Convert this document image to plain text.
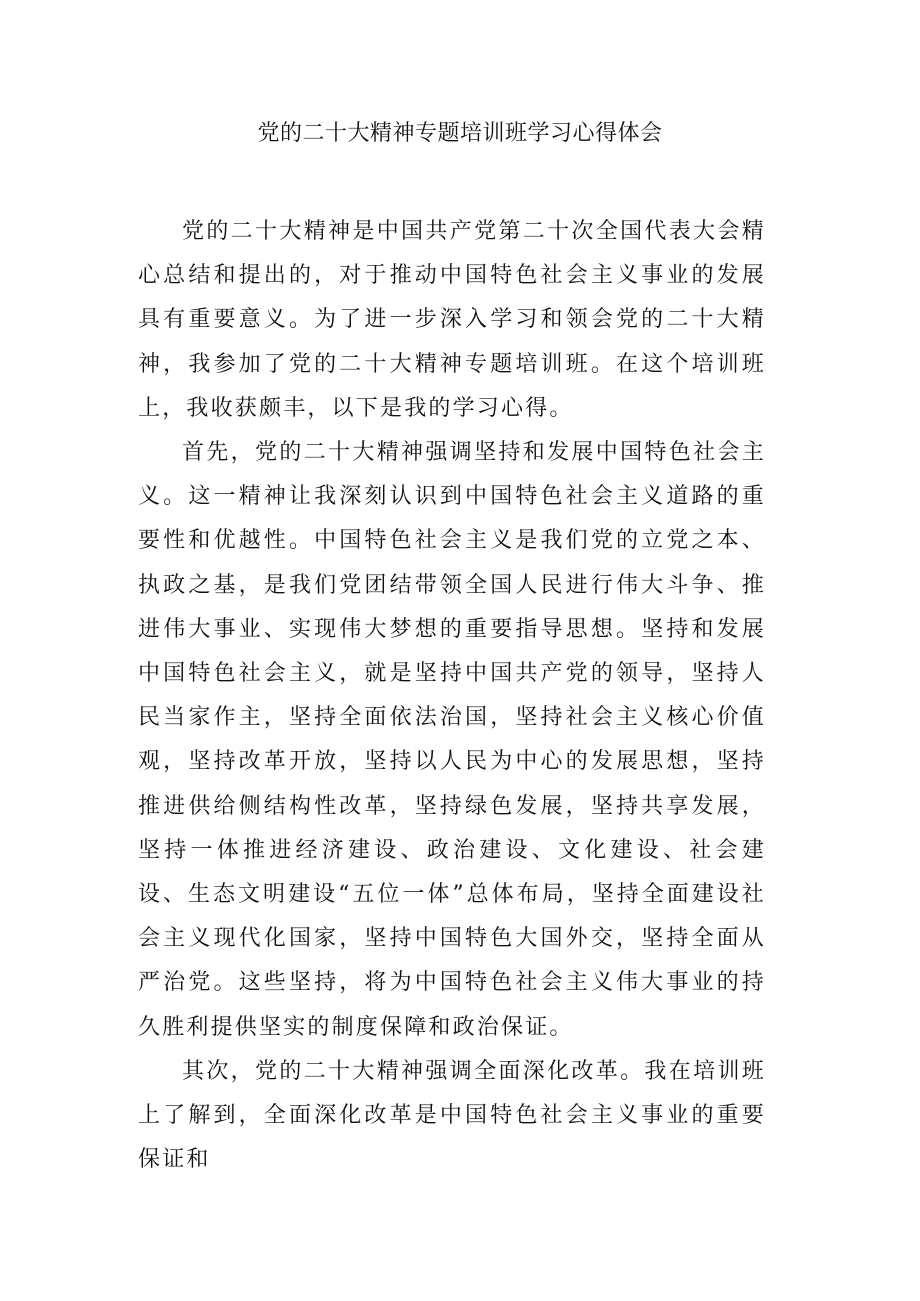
党的二十大精神专题培训班学习心得体会

党的二十大精神是中国共产党第二十次全国代表大会精心总结和提出的，对于推动中国特色社会主义事业的发展具有重要意义。为了进一步深入学习和领会党的二十大精神，我参加了党的二十大精神专题培训班。在这个培训班上，我收获颇丰，以下是我的学习心得。

首先，党的二十大精神强调坚持和发展中国特色社会主义。这一精神让我深刻认识到中国特色社会主义道路的重要性和优越性。中国特色社会主义是我们党的立党之本、执政之基，是我们党团结带领全国人民进行伟大斗争、推进伟大事业、实现伟大梦想的重要指导思想。坚持和发展中国特色社会主义，就是坚持中国共产党的领导，坚持人民当家作主，坚持全面依法治国，坚持社会主义核心价值观，坚持改革开放，坚持以人民为中心的发展思想，坚持推进供给侧结构性改革，坚持绿色发展，坚持共享发展，坚持一体推进经济建设、政治建设、文化建设、社会建设、生态文明建设“五位一体”总体布局，坚持全面建设社会主义现代化国家，坚持中国特色大国外交，坚持全面从严治党。这些坚持，将为中国特色社会主义伟大事业的持久胜利提供坚实的制度保障和政治保证。

其次，党的二十大精神强调全面深化改革。我在培训班上了解到，全面深化改革是中国特色社会主义事业的重要保证和
